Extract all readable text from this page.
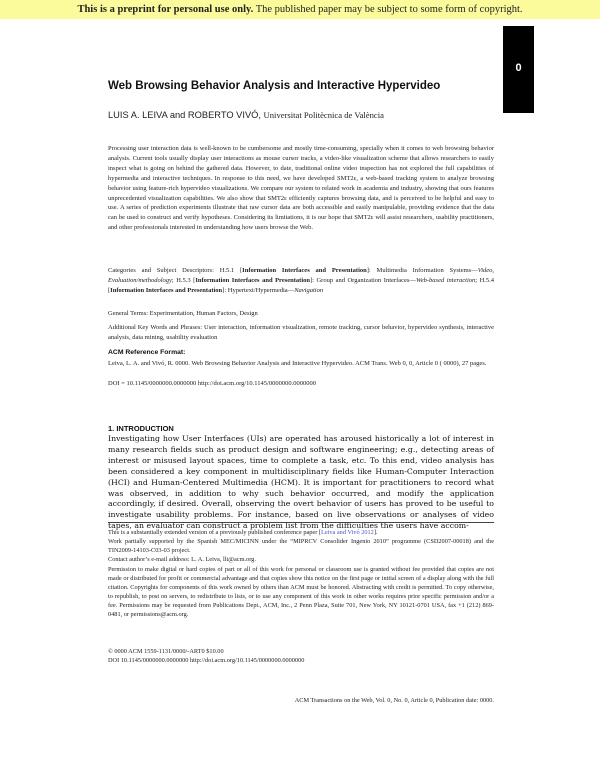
This is a preprint for personal use only. The published paper may be subject to some form of copyright.
0
Web Browsing Behavior Analysis and Interactive Hypervideo
LUIS A. LEIVA and ROBERTO VIVÓ, Universitat Politècnica de València

Processing user interaction data is well-known to be cumbersome and mostly time-consuming, specially when it comes to web browsing behavior analysis. Current tools usually display user interactions as mouse cursor tracks, a video-like visualization scheme that allows researchers to easily inspect what is going on behind the gathered data. However, to date, traditional online video inspection has not explored the full capabilities of hypermedia and interactive techniques. In response to this need, we have developed SMT2ε, a web-based tracking system to analyze browsing behavior using feature-rich hypervideo visualizations. We compare our system to related work in academia and industry, showing that ours features unprecedented visualization capabilities. We also show that SMT2ε efficiently captures browsing data, and is perceived to be helpful and easy to use. A series of prediction experiments illustrate that raw cursor data are both accessible and easily manipulable, providing evidence that the data can be used to construct and verify hypotheses. Considering its limitations, it is our hope that SMT2ε will assist researchers, usability practitioners, and other professionals interested in understanding how users browse the Web.

Categories and Subject Descriptors: H.5.1 [Information Interfaces and Presentation]: Multimedia Information Systems—Video, Evaluation/methodology; H.5.3 [Information Interfaces and Presentation]: Group and Organization Interfaces—Web-based interaction; H.5.4 [Information Interfaces and Presentation]: Hypertext/Hypermedia—Navigation

General Terms: Experimentation, Human Factors, Design

Additional Key Words and Phrases: User interaction, information visualization, remote tracking, cursor behavior, hypervideo synthesis, interactive analysis, data mining, usability evaluation

ACM Reference Format:

Leiva, L. A. and Vivó, R. 0000. Web Browsing Behavior Analysis and Interactive Hypervideo. ACM Trans. Web 0, 0, Article 0 ( 0000), 27 pages.

DOI = 10.1145/0000000.0000000 http://doi.acm.org/10.1145/0000000.0000000

1. INTRODUCTION

Investigating how User Interfaces (UIs) are operated has aroused historically a lot of interest in many research fields such as product design and software engineering; e.g., detecting areas of interest or misused layout spaces, time to complete a task, etc. To this end, video analysis has been considered a key component in multidisciplinary fields like Human-Computer Interaction (HCI) and Human-Centered Multimedia (HCM). It is important for practitioners to record what was observed, in addition to why such behavior occurred, and modify the application accordingly, if desired. Overall, observing the overt behavior of users has proved to be useful to investigate usability problems. For instance, based on live observations or analyses of video tapes, an evaluator can construct a problem list from the difficulties the users have accom-

This is a substantially extended version of a previously published conference paper [Leiva and Vivó 2012].

Work partially supported by the Spanish MEC/MICINN under the “MIPRCV Consolider Ingenio 2010” programme (CSD2007-00018) and the TIN2009-14103-C03-03 project.

Contact author’s e-mail address: L. A. Leiva, llt@acm.org.

Permission to make digital or hard copies of part or all of this work for personal or classroom use is granted without fee provided that copies are not made or distributed for profit or commercial advantage and that copies show this notice on the first page or initial screen of a display along with the full citation. Copyrights for components of this work owned by others than ACM must be honored. Abstracting with credit is permitted. To copy otherwise, to republish, to post on servers, to redistribute to lists, or to use any component of this work in other works requires prior specific permission and/or a fee. Permissions may be requested from Publications Dept., ACM, Inc., 2 Penn Plaza, Suite 701, New York, NY 10121-0701 USA, fax +1 (212) 869-0481, or permissions@acm.org.

© 0000 ACM 1559-1131/0000/-ART0 $10.00

DOI 10.1145/0000000.0000000 http://doi.acm.org/10.1145/0000000.0000000

ACM Transactions on the Web, Vol. 0, No. 0, Article 0, Publication date: 0000.
